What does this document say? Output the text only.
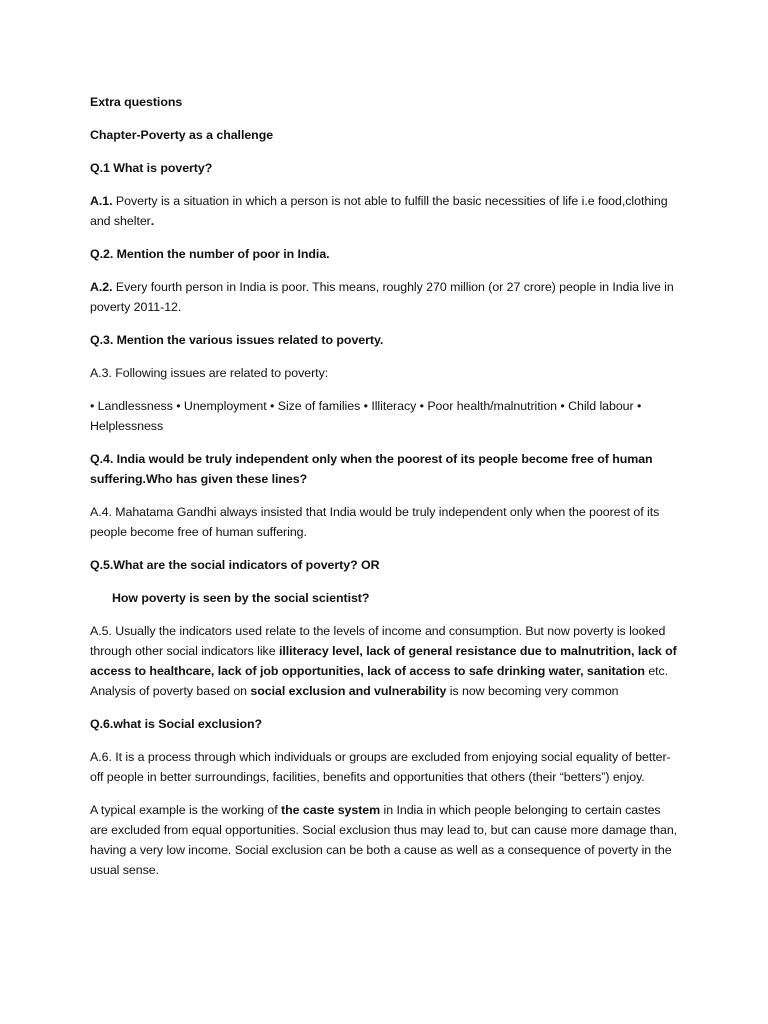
Extra questions

Chapter-Poverty as a challenge

Q.1 What is poverty?

A.1. Poverty is a situation in which a person is not able to fulfill the basic necessities of life i.e food,clothing and shelter.

Q.2. Mention the number of poor in India.

A.2. Every fourth person in India is poor. This means, roughly 270 million (or 27 crore) people in India live in poverty 2011-12.

Q.3. Mention the various issues related to poverty.

A.3. Following issues are related to poverty:

• Landlessness • Unemployment • Size of families • Illiteracy • Poor health/malnutrition • Child labour • Helplessness

Q.4. India would be truly independent only when the poorest of its people become free of human suffering.Who has given these lines?

A.4. Mahatama Gandhi always insisted that India would be truly independent only when the poorest of its people become free of human suffering.

Q.5.What are the social indicators of poverty? OR

How poverty is seen by the social scientist?

A.5. Usually the indicators used relate to the levels of income and consumption. But now poverty is looked through other social indicators like illiteracy level, lack of general resistance due to malnutrition, lack of access to healthcare, lack of job opportunities, lack of access to safe drinking water, sanitation etc. Analysis of poverty based on social exclusion and vulnerability is now becoming very common

Q.6.what is Social exclusion?

A.6. It is a process through which individuals or groups are excluded from enjoying social equality of better-off people in better surroundings, facilities, benefits and opportunities that others (their “betters”) enjoy.

A typical example is the working of the caste system in India in which people belonging to certain castes are excluded from equal opportunities. Social exclusion thus may lead to, but can cause more damage than, having a very low income. Social exclusion can be both a cause as well as a consequence of poverty in the usual sense.
